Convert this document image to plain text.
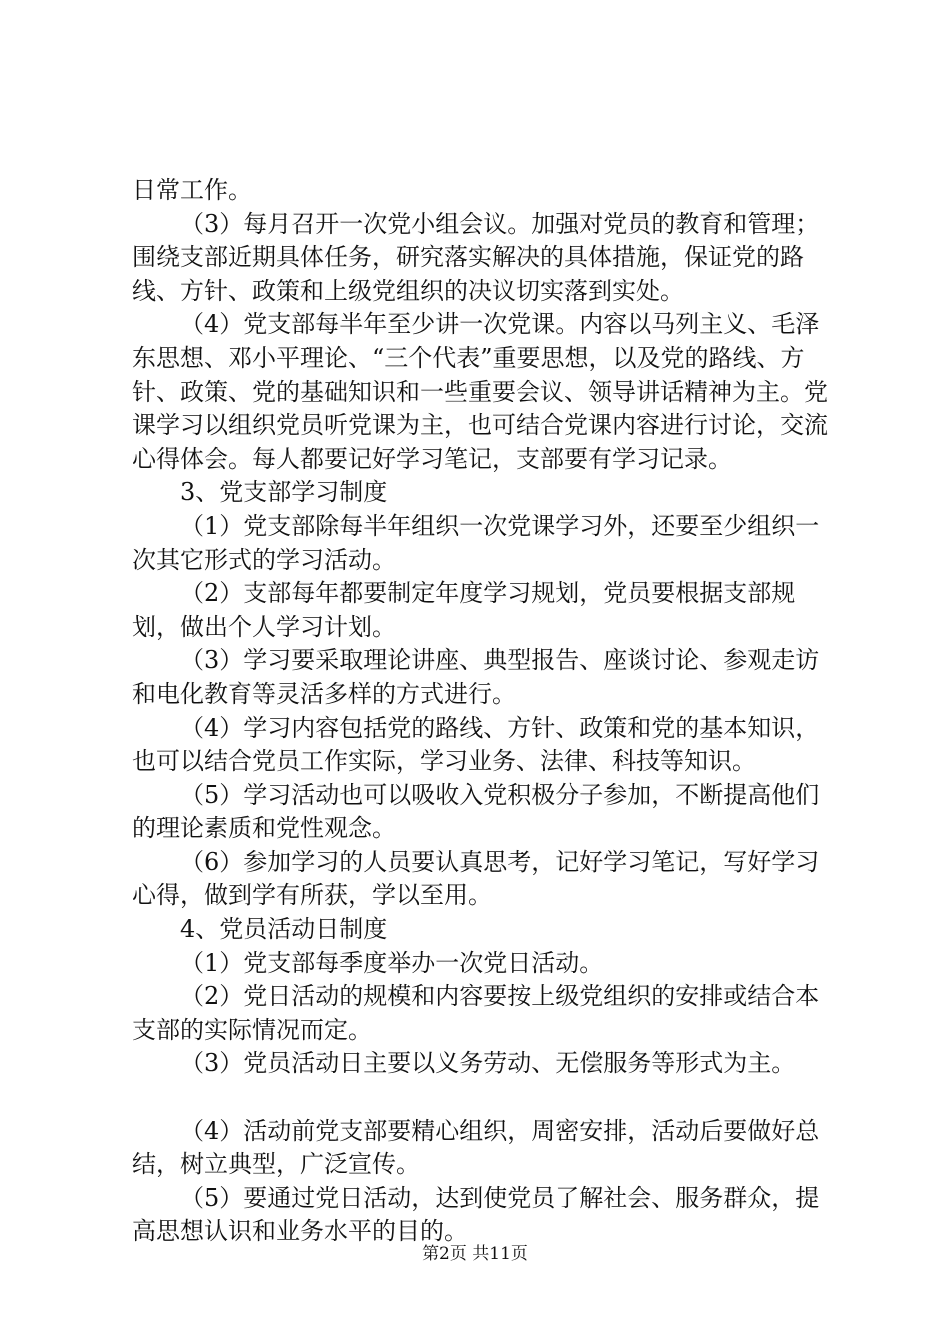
日常工作。

（3）每月召开一次党小组会议。加强对党员的教育和管理；围绕支部近期具体任务，研究落实解决的具体措施，保证党的路线、方针、政策和上级党组织的决议切实落到实处。

（4）党支部每半年至少讲一次党课。内容以马列主义、毛泽东思想、邓小平理论、“三个代表”重要思想，以及党的路线、方针、政策、党的基础知识和一些重要会议、领导讲话精神为主。党课学习以组织党员听党课为主，也可结合党课内容进行讨论，交流心得体会。每人都要记好学习笔记，支部要有学习记录。

3、党支部学习制度

（1）党支部除每半年组织一次党课学习外，还要至少组织一次其它形式的学习活动。

（2）支部每年都要制定年度学习规划，党员要根据支部规划，做出个人学习计划。

（3）学习要采取理论讲座、典型报告、座谈讨论、参观走访和电化教育等灵活多样的方式进行。

（4）学习内容包括党的路线、方针、政策和党的基本知识，也可以结合党员工作实际，学习业务、法律、科技等知识。

（5）学习活动也可以吸收入党积极分子参加，不断提高他们的理论素质和党性观念。

（6）参加学习的人员要认真思考，记好学习笔记，写好学习心得，做到学有所获，学以至用。

4、党员活动日制度

（1）党支部每季度举办一次党日活动。

（2）党日活动的规模和内容要按上级党组织的安排或结合本支部的实际情况而定。

（3）党员活动日主要以义务劳动、无偿服务等形式为主。

（4）活动前党支部要精心组织，周密安排，活动后要做好总结，树立典型，广泛宣传。

（5）要通过党日活动，达到使党员了解社会、服务群众，提高思想认识和业务水平的目的。

第2页 共11页
